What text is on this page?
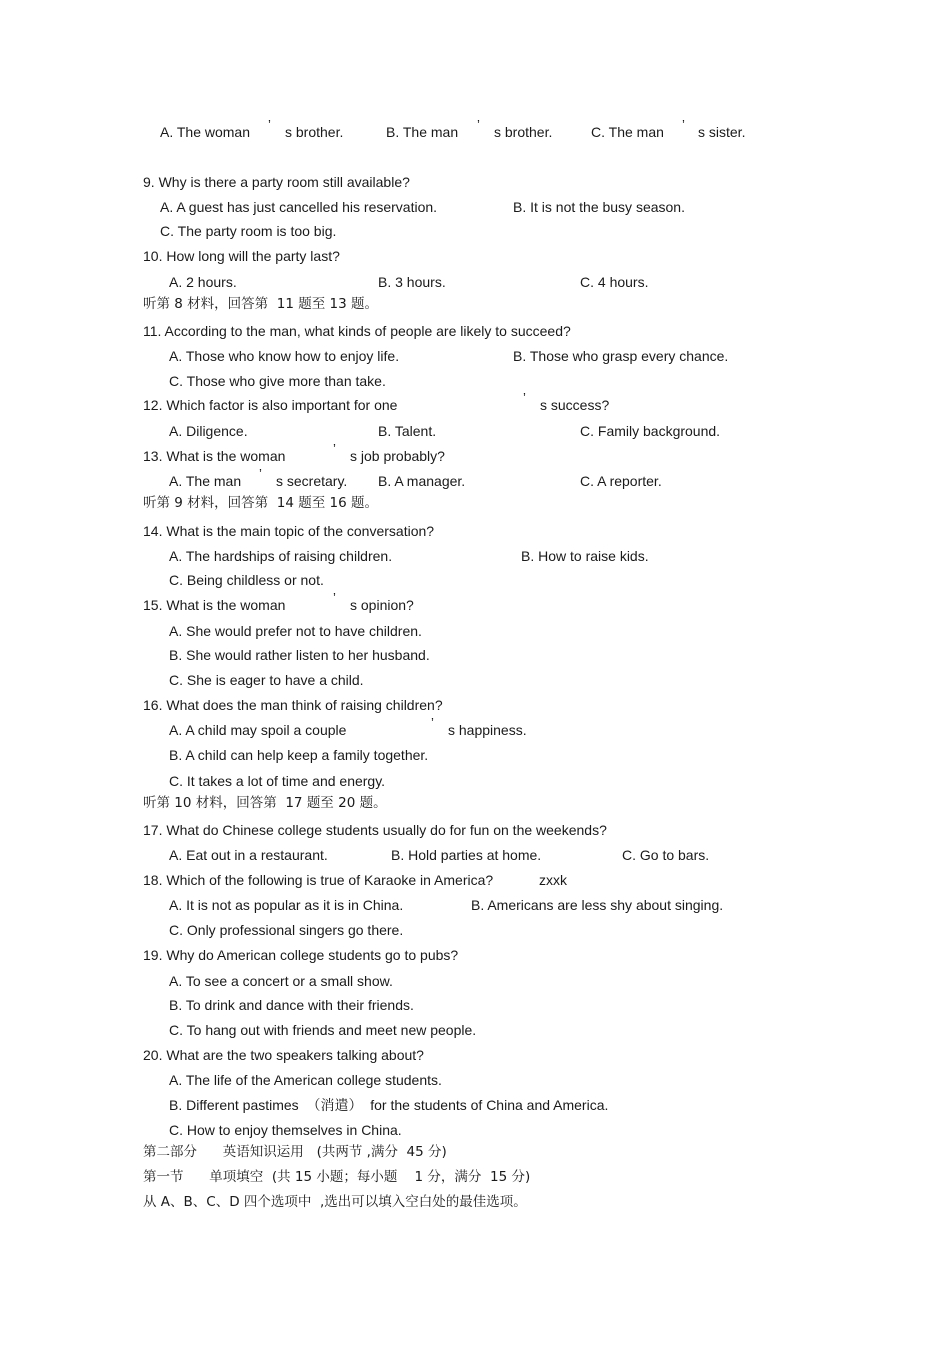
A. The woman ’ s brother.	B. The man ’ s brother.	C. The man ’ s sister.
9. Why is there a party room still available?
A. A guest has just cancelled his reservation.	B. It is not the busy season.
C. The party room is too big.
10. How long will the party last?
A. 2 hours.	B. 3 hours.	C. 4 hours.
听第 8 材料，回答第  11 题至 13 题。
11. According to the man, what kinds of people are likely to succeed?
A. Those who know how to enjoy life.	B. Those who grasp every chance.
C. Those who give more than take.
12. Which factor is also important for one	’ s success?
A. Diligence.	B. Talent.	C. Family background.
13. What is the woman	’ s job probably?
A. The man ’ s secretary. B. A manager.	C. A reporter.
听第 9 材料，回答第  14 题至 16 题。
14. What is the main topic of the conversation?
A. The hardships of raising children.	B. How to raise kids.
C. Being childless or not.
15. What is the woman	’ s opinion?
A. She would prefer not to have children.
B. She would rather listen to her husband.
C. She is eager to have a child.
16. What does the man think of raising children?
A. A child may spoil a couple	’ s happiness.
B. A child can help keep a family together.
C. It takes a lot of time and energy.
听第 10 材料，回答第  17 题至 20 题。
17. What do Chinese college students usually do for fun on the weekends?
A. Eat out in a restaurant.	B. Hold parties at home.	C. Go to bars.
18. Which of the following is true of Karaoke in America?	zxxk
A. It is not as popular as it is in China.	B. Americans are less shy about singing.
C. Only professional singers go there.
19. Why do American college students go to pubs?
A. To see a concert or a small show.
B. To drink and dance with their friends.
C. To hang out with friends and meet new people.
20. What are the two speakers talking about?
A. The life of the American college students.
B. Different pastimes  （消遣）  for the students of China and America.
C. How to enjoy themselves in China.
第二部分      英语知识运用   (共两节 ,满分  45 分)
第一节      单项填空  (共 15 小题；每小题    1 分，满分  15 分)
从 A、B、C、D 四个选项中  ,选出可以填入空白处的最佳选项。
